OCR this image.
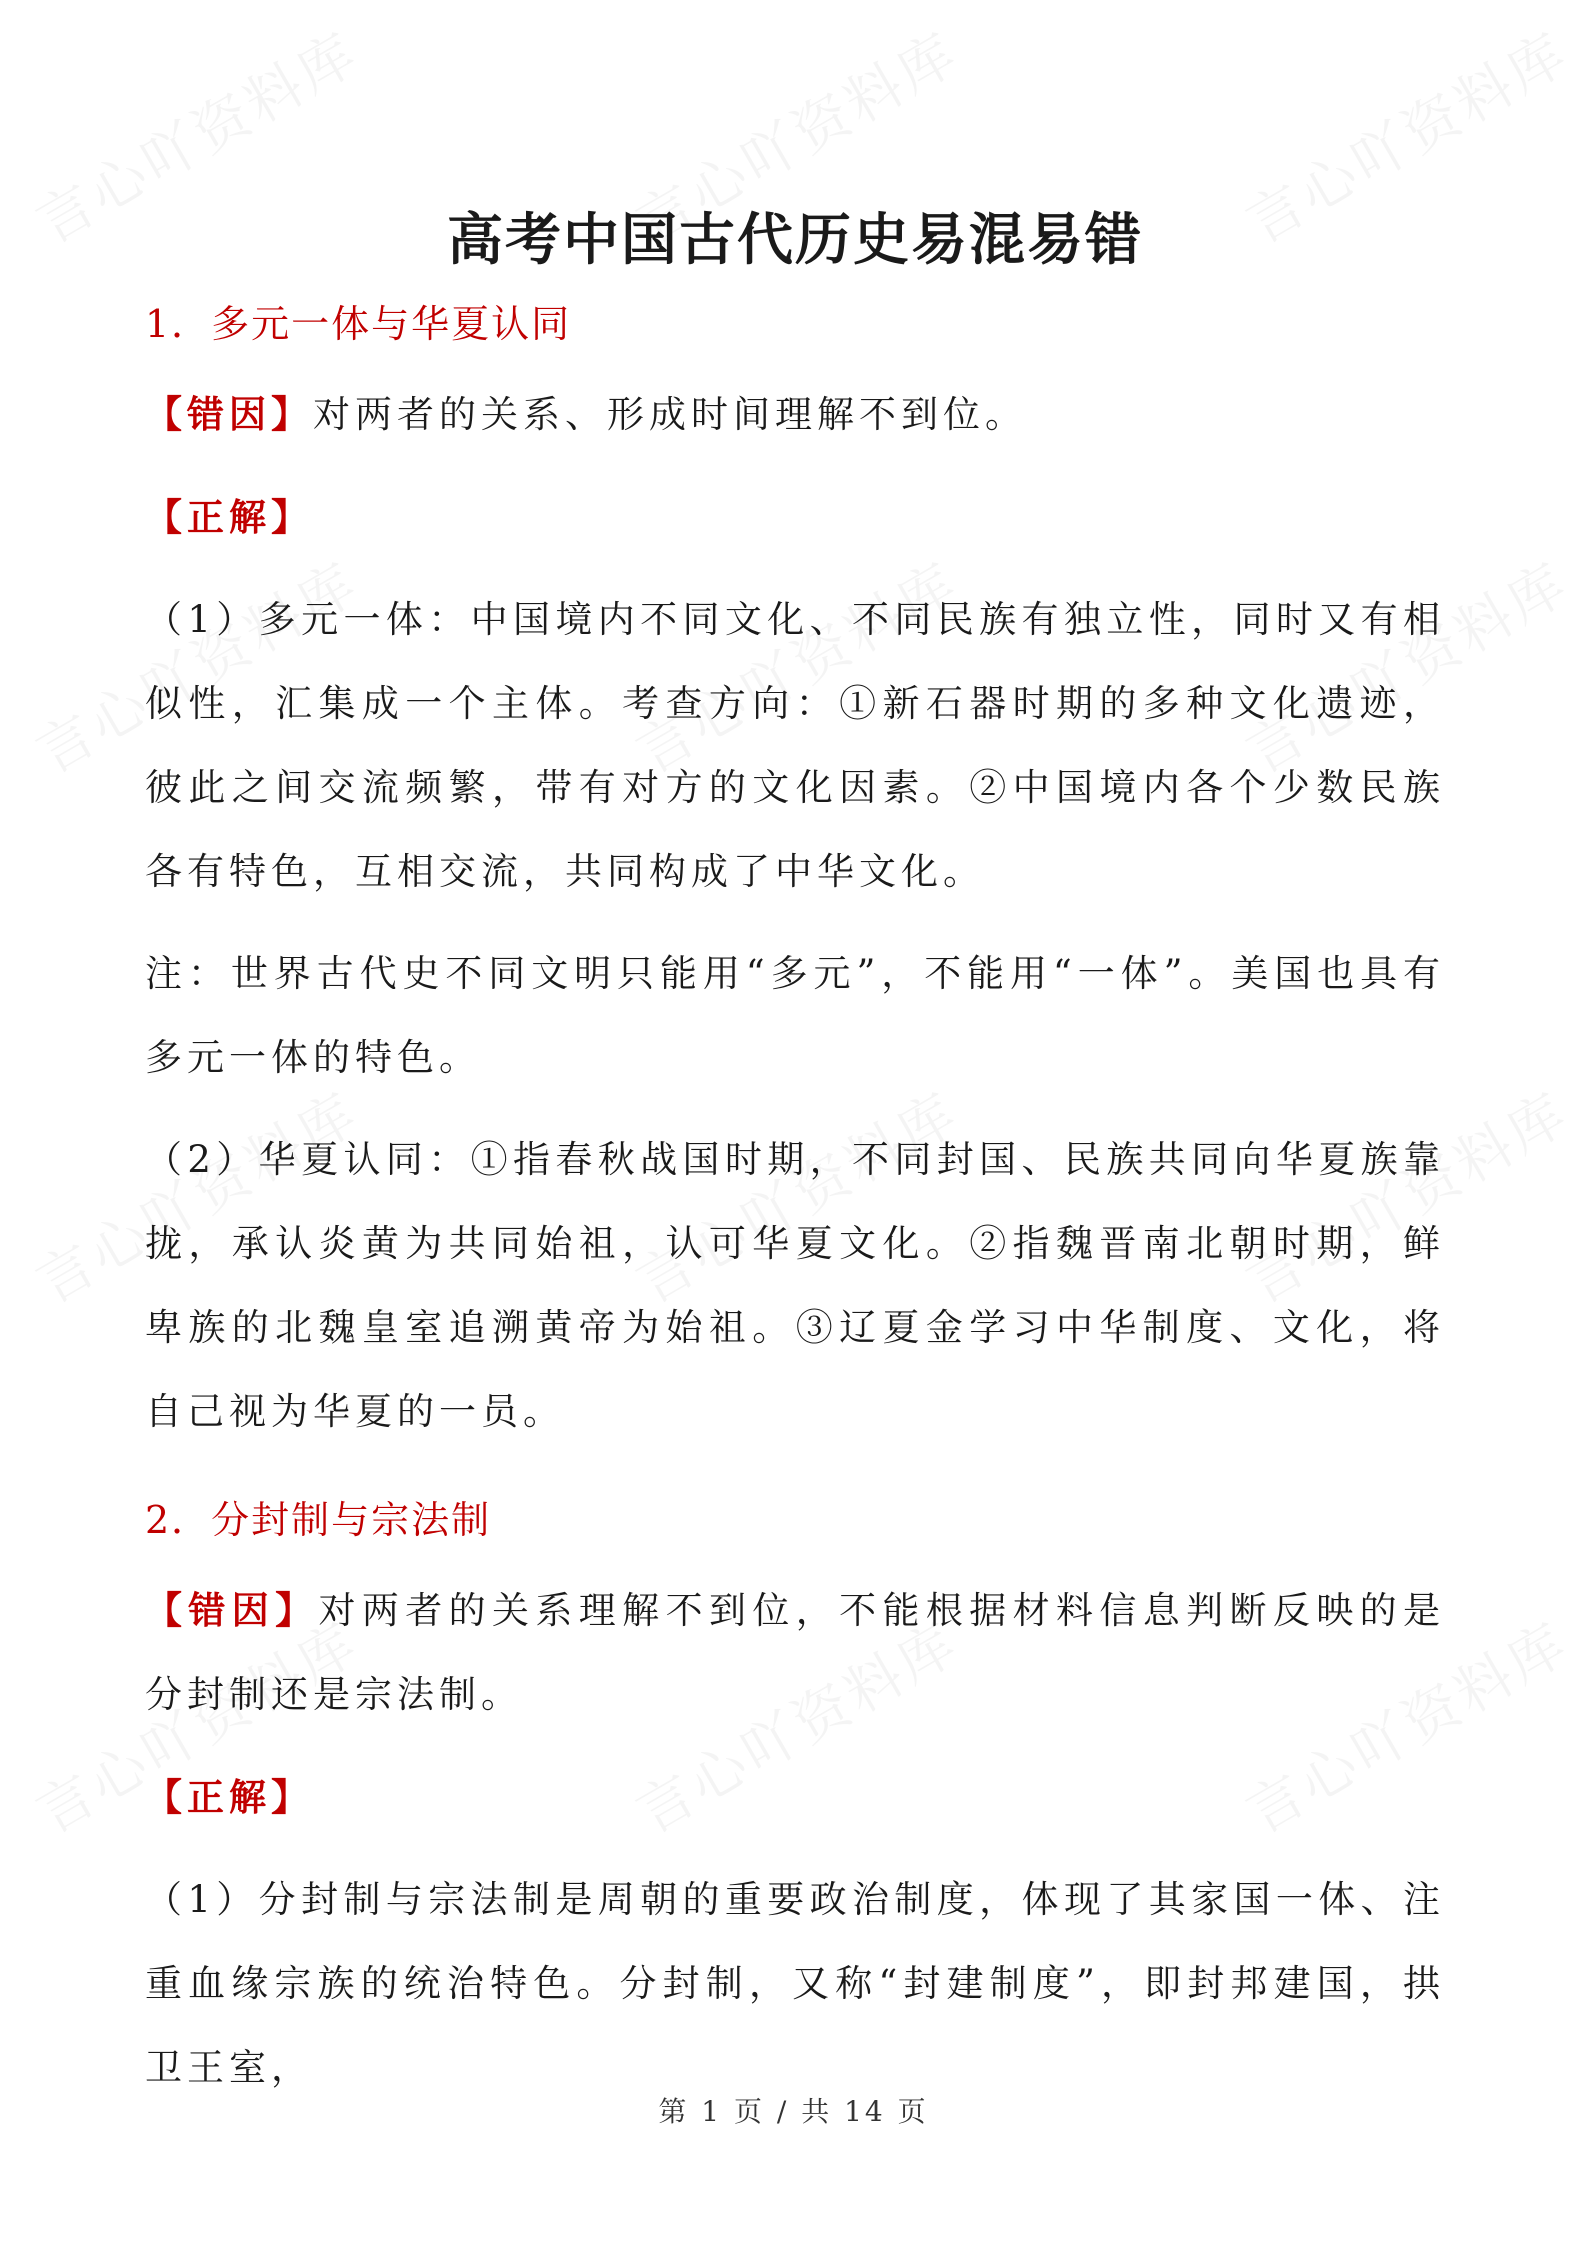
高考中国古代历史易混易错
1．多元一体与华夏认同

【错因】对两者的关系、形成时间理解不到位。

【正解】

（1）多元一体：中国境内不同文化、不同民族有独立性，同时又有相似性，汇集成一个主体。考查方向：①新石器时期的多种文化遗迹，彼此之间交流频繁，带有对方的文化因素。②中国境内各个少数民族各有特色，互相交流，共同构成了中华文化。

注：世界古代史不同文明只能用“多元”，不能用“一体”。美国也具有多元一体的特色。

（2）华夏认同：①指春秋战国时期，不同封国、民族共同向华夏族靠拢，承认炎黄为共同始祖，认可华夏文化。②指魏晋南北朝时期，鲜卑族的北魏皇室追溯黄帝为始祖。③辽夏金学习中华制度、文化，将自己视为华夏的一员。

2．分封制与宗法制

【错因】对两者的关系理解不到位，不能根据材料信息判断反映的是分封制还是宗法制。

【正解】

（1）分封制与宗法制是周朝的重要政治制度，体现了其家国一体、注重血缘宗族的统治特色。分封制，又称“封建制度”，即封邦建国，拱卫王室，

第 1 页 / 共 14 页
